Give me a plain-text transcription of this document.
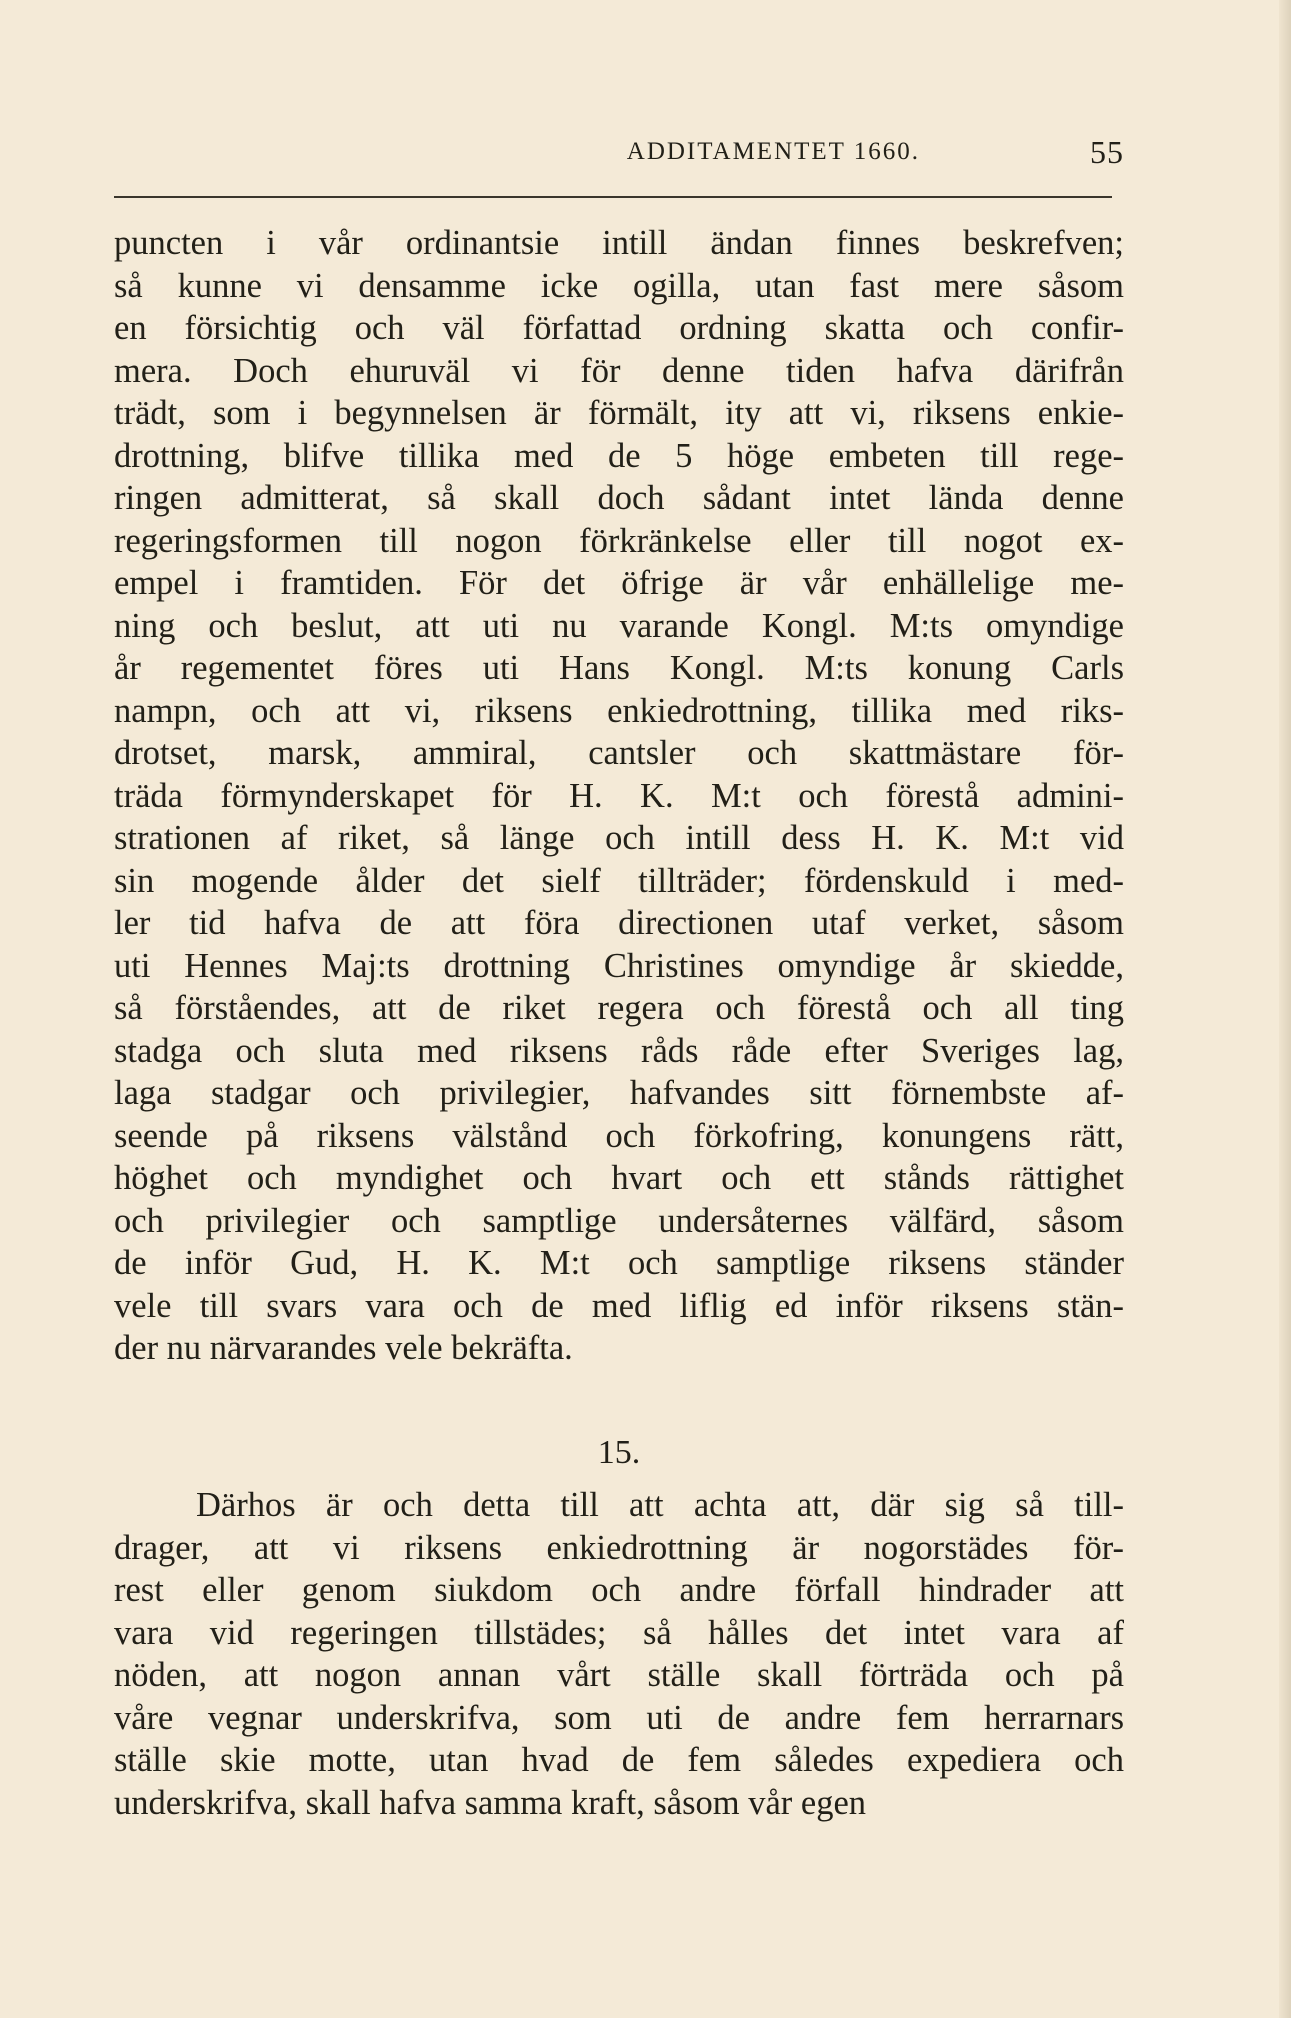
ADDITAMENTET 1660.	55
puncten i vår ordinantsie intill ändan finnes beskrefven;
så kunne vi densamme icke ogilla, utan fast mere såsom
en försichtig och väl författad ordning skatta och confir-
mera. Doch ehuruväl vi för denne tiden hafva därifrån
trädt, som i begynnelsen är förmält, ity att vi, riksens enkie-
drottning, blifve tillika med de 5 höge embeten till rege-
ringen admitterat, så skall doch sådant intet lända denne
regeringsformen till nogon förkränkelse eller till nogot ex-
empel i framtiden. För det öfrige är vår enhällelige me-
ning och beslut, att uti nu varande Kongl. M:ts omyndige
år regementet föres uti Hans Kongl. M:ts konung Carls
nampn, och att vi, riksens enkiedrottning, tillika med riks-
drotset, marsk, ammiral, cantsler och skattmästare för-
träda förmynderskapet för H. K. M:t och förestå admini-
strationen af riket, så länge och intill dess H. K. M:t vid
sin mogende ålder det sielf tillträder; fördenskuld i med-
ler tid hafva de att föra directionen utaf verket, såsom
uti Hennes Maj:ts drottning Christines omyndige år skiedde,
så förståendes, att de riket regera och förestå och all ting
stadga och sluta med riksens råds råde efter Sveriges lag,
laga stadgar och privilegier, hafvandes sitt förnembste af-
seende på riksens välstånd och förkofring, konungens rätt,
höghet och myndighet och hvart och ett stånds rättighet
och privilegier och samptlige undersåternes välfärd, såsom
de inför Gud, H. K. M:t och samptlige riksens ständer
vele till svars vara och de med liflig ed inför riksens stän-
der nu närvarandes vele bekräfta.
15.
Därhos är och detta till att achta att, där sig så till-
drager, att vi riksens enkiedrottning är nogorstädes för-
rest eller genom siukdom och andre förfall hindrader att
vara vid regeringen tillstädes; så hålles det intet vara af
nöden, att nogon annan vårt ställe skall förträda och på
våre vegnar underskrifva, som uti de andre fem herrarnars
ställe skie motte, utan hvad de fem således expediera och
underskrifva, skall hafva samma kraft, såsom vår egen
